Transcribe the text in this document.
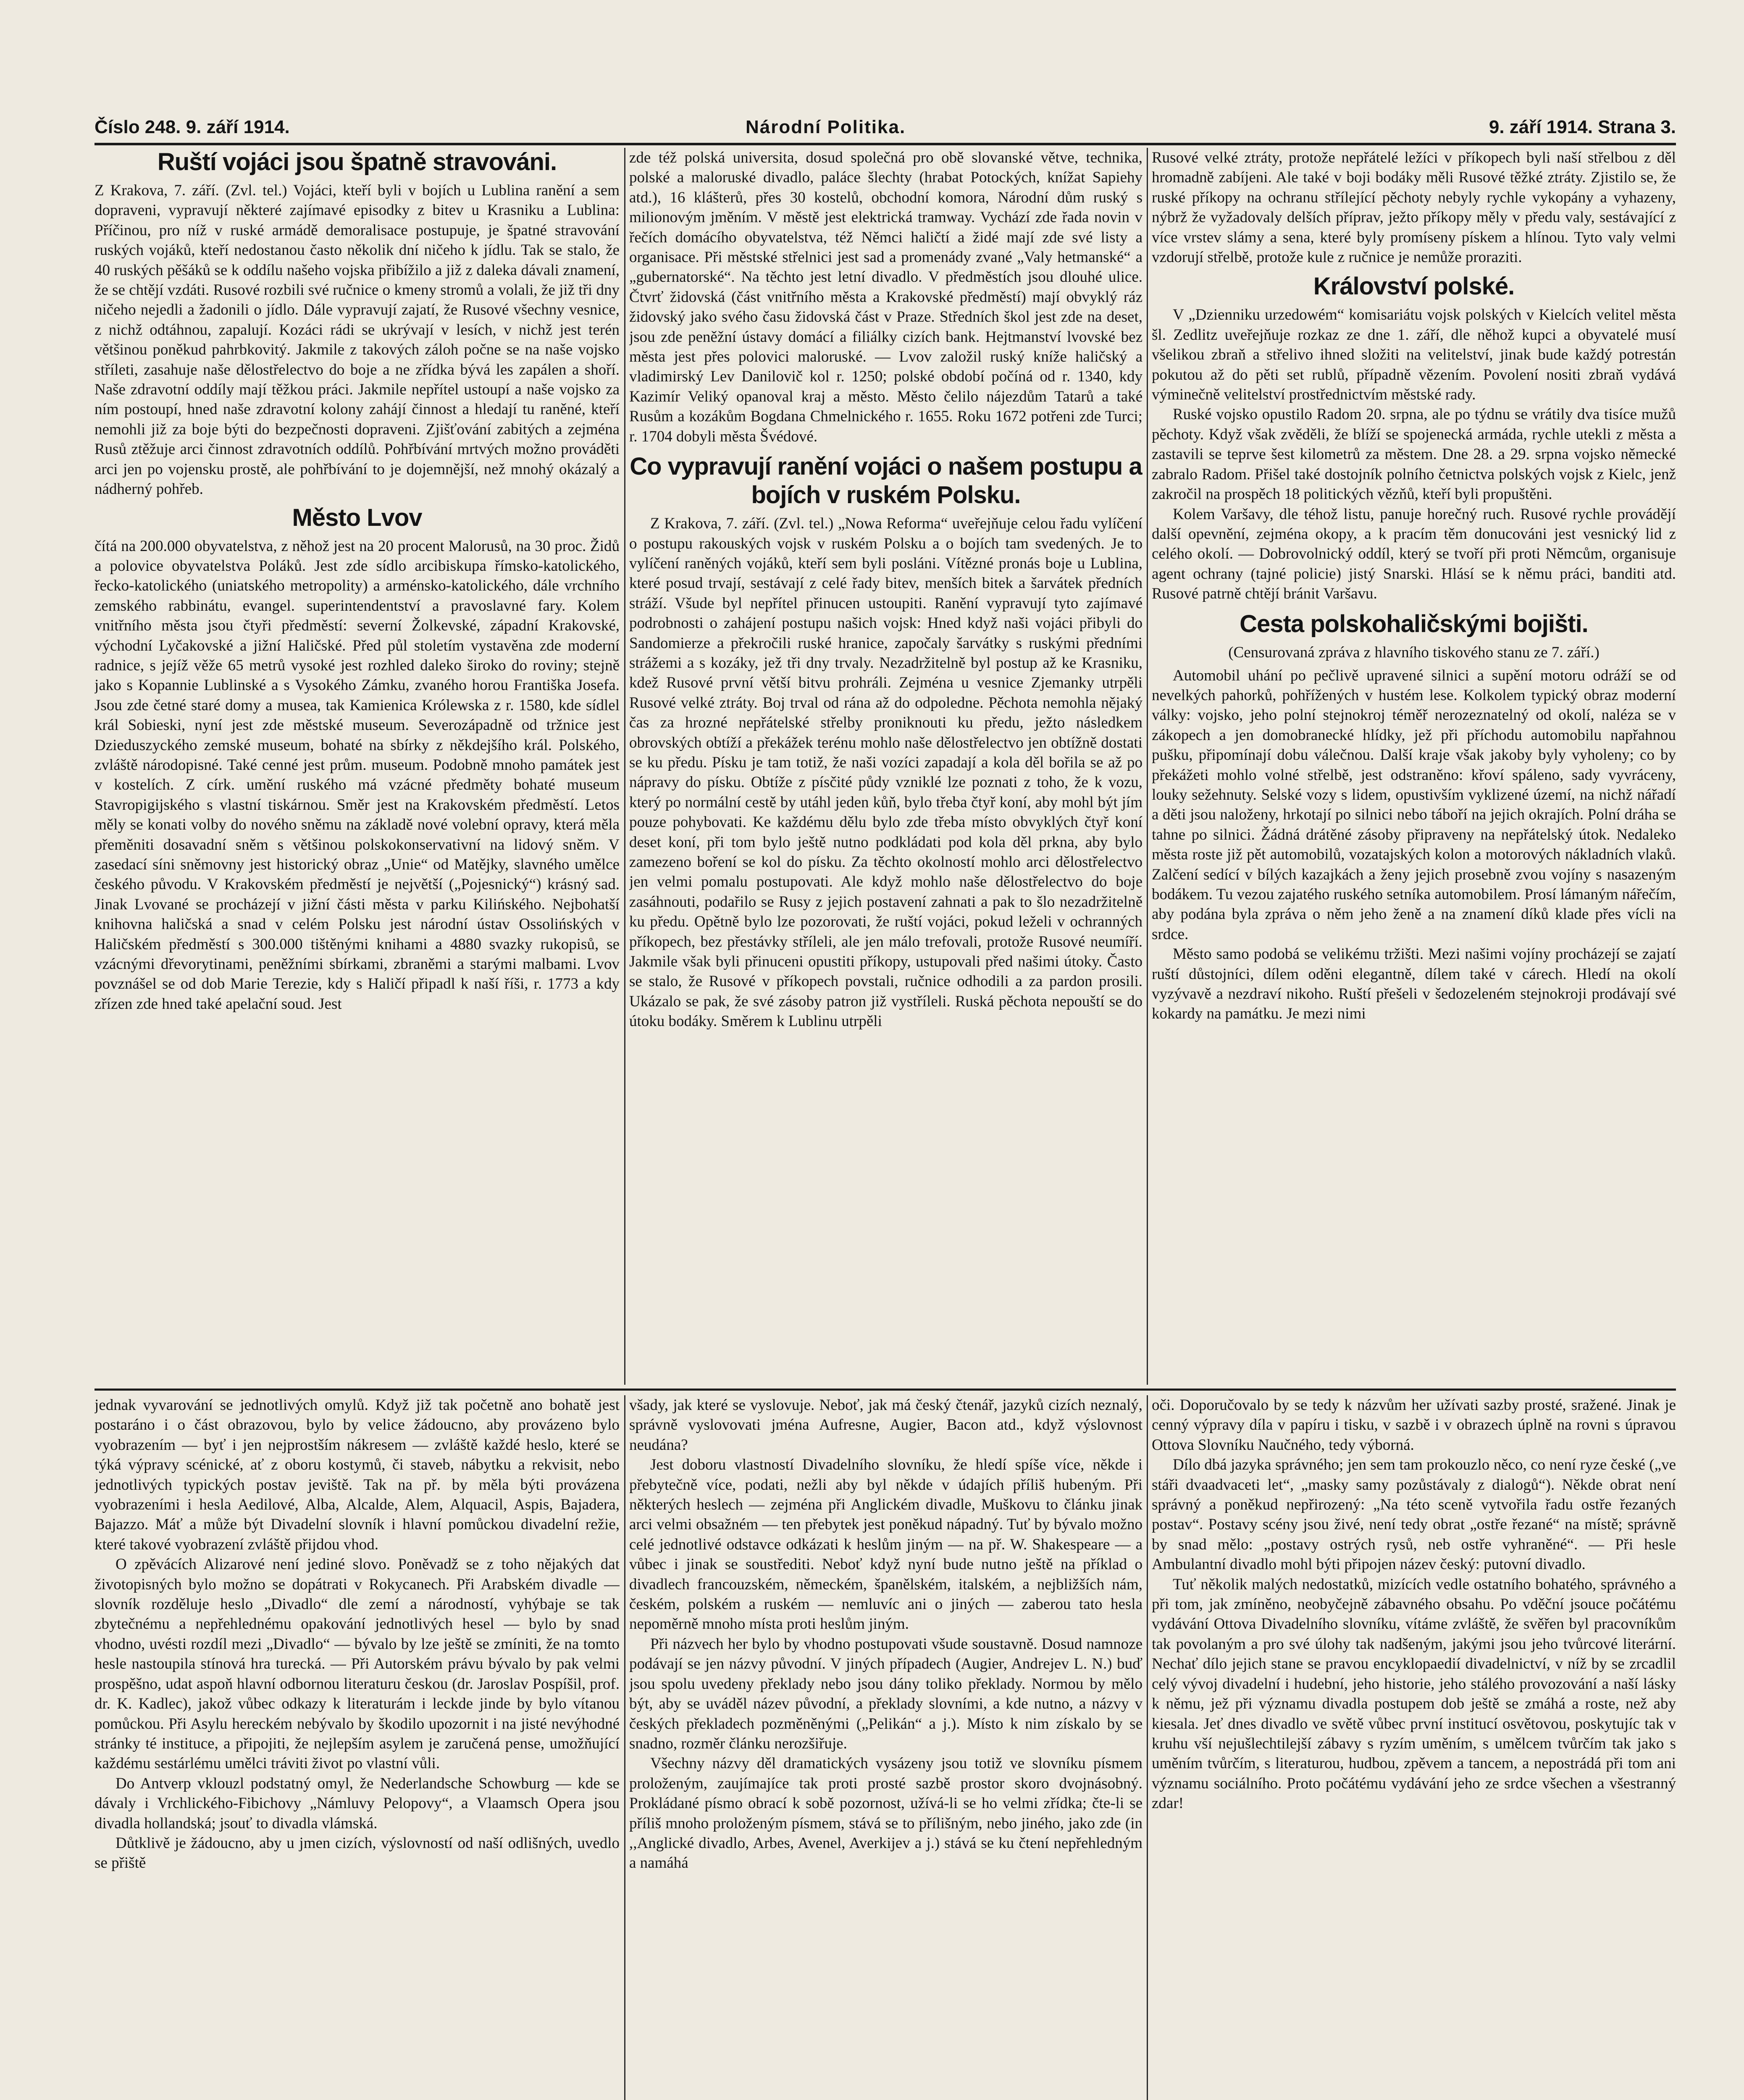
Číslo 248. 9. září 1914.	Národní Politika.	9. září 1914. Strana 3.
Ruští vojáci jsou špatně stravováni.

Z Krakova, 7. září. (Zvl. tel.) Vojáci, kteří byli v bojích u Lublina ranění a sem dopraveni, vypravují některé zajímavé episodky z bitev u Krasniku a Lublina: Příčinou, pro níž v ruské armádě demoralisace postupuje, je špatné stravování ruských vojáků, kteří nedostanou často několik dní ničeho k jídlu. Tak se stalo, že 40 ruských pěšáků se k oddílu našeho vojska přibížilo a již z daleka dávali znamení, že se chtějí vzdáti. Rusové rozbili své ručnice o kmeny stromů a volali, že již tři dny ničeho nejedli a žadonili o jídlo. Dále vypravují zajatí, že Rusové všechny vesnice, z nichž odtáhnou, zapalují. Kozáci rádi se ukrývají v lesích, v nichž jest terén většinou poněkud pahrbkovitý. Jakmile z takových záloh počne se na naše vojsko stříleti, zasahuje naše dělostřelectvo do boje a ne zřídka bývá les zapálen a shoří. Naše zdravotní oddíly mají těžkou práci. Jakmile nepřítel ustoupí a naše vojsko za ním postoupí, hned naše zdravotní kolony zahájí činnost a hledají tu raněné, kteří nemohli již za boje býti do bezpečnosti dopraveni. Zjišťování zabitých a zejména Rusů ztěžuje arci činnost zdravotních oddílů. Pohřbívání mrtvých možno prováděti arci jen po vojensku prostě, ale pohřbívání to je dojemnější, než mnohý okázalý a nádherný pohřeb.

Město Lvov

čítá na 200.000 obyvatelstva, z něhož jest na 20 procent Malorusů, na 30 proc. Židů a polovice obyvatelstva Poláků. Jest zde sídlo arcibiskupa římsko-katolického, řecko-katolického (uniatského metropolity) a arménsko-katolického, dále vrchního zemského rabbinátu, evangel. superintendentství a pravoslavné fary. Kolem vnitřního města jsou čtyři předměstí: severní Žolkevské, západní Krakovské, východní Lyčakovské a jižní Haličské. Před půl stoletím vystavěna zde moderní radnice, s jejíž věže 65 metrů vysoké jest rozhled daleko široko do roviny; stejně jako s Kopannie Lublinské a s Vysokého Zámku, zvaného horou Františka Josefa. Jsou zde četné staré domy a musea, tak Kamienica Królewska z r. 1580, kde sídlel král Sobieski, nyní jest zde městské museum. Severozápadně od tržnice jest Dzieduszyckého zemské museum, bohaté na sbírky z někdejšího král. Polského, zvláště národopisné. Také cenné jest prům. museum. Podobně mnoho památek jest v kostelích. Z círk. umění ruského má vzácné předměty bohaté museum Stavropigijského s vlastní tiskárnou. Směr jest na Krakovském předměstí. Letos měly se konati volby do nového sněmu na základě nové volební opravy, která měla přeměniti dosavadní sněm s většinou polskokonservativní na lidový sněm. V zasedací síni sněmovny jest historický obraz „Unie“ od Matějky, slavného umělce českého původu. V Krakovském předměstí je největší („Pojesnický“) krásný sad. Jinak Lvované se procházejí v jižní části města v parku Kilińského. Nejbohatší knihovna haličská a snad v celém Polsku jest národní ústav Ossolińských v Haličském předměstí s 300.000 tištěnými knihami a 4880 svazky rukopisů, se vzácnými dřevorytinami, peněžními sbírkami, zbraněmi a starými malbami. Lvov povznášel se od dob Marie Terezie, kdy s Haličí připadl k naší říši, r. 1773 a kdy zřízen zde hned také apelační soud. Jest

zde též polská universita, dosud společná pro obě slovanské větve, technika, polské a maloruské divadlo, paláce šlechty (hrabat Potockých, knížat Sapiehy atd.), 16 klášterů, přes 30 kostelů, obchodní komora, Národní dům ruský s milionovým jměním. V městě jest elektrická tramway. Vychází zde řada novin v řečích domácího obyvatelstva, též Němci haličtí a židé mají zde své listy a organisace. Při městské střelnici jest sad a promenády zvané „Valy hetmanské“ a „gubernatorské“. Na těchto jest letní divadlo. V předměstích jsou dlouhé ulice. Čtvrť židovská (část vnitřního města a Krakovské předměstí) mají obvyklý ráz židovský jako svého času židovská část v Praze. Středních škol jest zde na deset, jsou zde peněžní ústavy domácí a filiálky cizích bank. Hejtmanství lvovské bez města jest přes polovici maloruské. — Lvov založil ruský kníže haličský a vladimirský Lev Danilovič kol r. 1250; polské období počíná od r. 1340, kdy Kazimír Veliký opanoval kraj a město. Město čelilo nájezdům Tatarů a také Rusům a kozákům Bogdana Chmelnického r. 1655. Roku 1672 potřeni zde Turci; r. 1704 dobyli města Švédové.

Co vypravují ranění vojáci o našem postupu a bojích v ruském Polsku.

Z Krakova, 7. září. (Zvl. tel.) „Nowa Reforma“ uveřejňuje celou řadu vylíčení o postupu rakouských vojsk v ruském Polsku a o bojích tam svedených. Je to vylíčení raněných vojáků, kteří sem byli posláni. Vítězné pronás boje u Lublina, které posud trvají, sestávají z celé řady bitev, menších bitek a šarvátek předních stráží. Všude byl nepřítel přinucen ustoupiti. Ranění vypravují tyto zajímavé podrobnosti o zahájení postupu našich vojsk: Hned když naši vojáci přibyli do Sandomierze a překročili ruské hranice, započaly šarvátky s ruskými předními strážemi a s kozáky, jež tři dny trvaly. Nezadržitelně byl postup až ke Krasniku, kdež Rusové první větší bitvu prohráli. Zejména u vesnice Zjemanky utrpěli Rusové velké ztráty. Boj trval od rána až do odpoledne. Pěchota nemohla nějaký čas za hrozné nepřátelské střelby proniknouti ku předu, ježto následkem obrovských obtíží a překážek terénu mohlo naše dělostřelectvo jen obtížně dostati se ku předu. Písku je tam totiž, že naši vozíci zapadají a kola děl bořila se až po nápravy do písku. Obtíže z písčité půdy vzniklé lze poznati z toho, že k vozu, který po normální cestě by utáhl jeden kůň, bylo třeba čtyř koní, aby mohl být jím pouze pohybovati. Ke každému dělu bylo zde třeba místo obvyklých čtyř koní deset koní, při tom bylo ještě nutno podkládati pod kola děl prkna, aby bylo zamezeno boření se kol do písku. Za těchto okolností mohlo arci dělostřelectvo jen velmi pomalu postupovati. Ale když mohlo naše dělostřelectvo do boje zasáhnouti, podařilo se Rusy z jejich postavení zahnati a pak to šlo nezadržitelně ku předu. Opětně bylo lze pozorovati, že ruští vojáci, pokud leželi v ochranných příkopech, bez přestávky stříleli, ale jen málo trefovali, protože Rusové neumíří. Jakmile však byli přinuceni opustiti příkopy, ustupovali před našimi útoky. Často se stalo, že Rusové v příkopech povstali, ručnice odhodili a za pardon prosili. Ukázalo se pak, že své zásoby patron již vystříleli. Ruská pěchota nepouští se do útoku bodáky. Směrem k Lublinu utrpěli

Rusové velké ztráty, protože nepřátelé ležíci v příkopech byli naší střelbou z děl hromadně zabíjeni. Ale také v boji bodáky měli Rusové těžké ztráty. Zjistilo se, že ruské příkopy na ochranu střílející pěchoty nebyly rychle vykopány a vyhazeny, nýbrž že vyžadovaly delších příprav, ježto příkopy měly v předu valy, sestávající z více vrstev slámy a sena, které byly promíseny pískem a hlínou. Tyto valy velmi vzdorují střelbě, protože kule z ručnice je nemůže proraziti.

Království polské.

V „Dzienniku urzedowém“ komisariátu vojsk polských v Kielcích velitel města šl. Zedlitz uveřejňuje rozkaz ze dne 1. září, dle něhož kupci a obyvatelé musí všelikou zbraň a střelivo ihned složiti na velitelství, jinak bude každý potrestán pokutou až do pěti set rublů, případně vězením. Povolení nositi zbraň vydává výminečně velitelství prostřednictvím městské rady.

Ruské vojsko opustilo Radom 20. srpna, ale po týdnu se vrátily dva tisíce mužů pěchoty. Když však zvěděli, že blíží se spojenecká armáda, rychle utekli z města a zastavili se teprve šest kilometrů za městem. Dne 28. a 29. srpna vojsko německé zabralo Radom. Přišel také dostojník polního četnictva polských vojsk z Kielc, jenž zakročil na prospěch 18 politických vězňů, kteří byli propuštěni.

Kolem Varšavy, dle téhož listu, panuje horečný ruch. Rusové rychle provádějí další opevnění, zejména okopy, a k pracím těm donucováni jest vesnický lid z celého okolí. — Dobrovolnický oddíl, který se tvoří při proti Němcům, organisuje agent ochrany (tajné policie) jistý Snarski. Hlásí se k němu práci, banditi atd. Rusové patrně chtějí bránit Varšavu.

Cesta polskohaličskými bojišti.
(Censurovaná zpráva z hlavního tiskového stanu ze 7. září.)

Automobil uhání po pečlivě upravené silnici a supění motoru odráží se od nevelkých pahorků, pohřížených v hustém lese. Kolkolem typický obraz moderní války: vojsko, jeho polní stejnokroj téměř nerozeznatelný od okolí, naléza se v zákopech a jen domobranecké hlídky, jež při příchodu automobilu napřahnou pušku, připomínají dobu válečnou. Další kraje však jakoby byly vyholeny; co by překážeti mohlo volné střelbě, jest odstraněno: křoví spáleno, sady vyvráceny, louky sežehnuty. Selské vozy s lidem, opustivším vyklizené území, na nichž nářadí a děti jsou naloženy, hrkotají po silnici nebo táboří na jejich okrajích. Polní dráha se tahne po silnici. Žádná drátěné zásoby připraveny na nepřátelský útok. Nedaleko města roste již pět automobilů, vozatajských kolon a motorových nákladních vlaků. Zalčení sedící v bílých kazajkách a ženy jejich prosebně zvou vojíny s nasazeným bodákem. Tu vezou zajatého ruského setníka automobilem. Prosí lámaným nářečím, aby podána byla zpráva o něm jeho ženě a na znamení díků klade přes vícli na srdce.

Město samo podobá se velikému tržišti. Mezi našimi vojíny procházejí se zajatí ruští důstojníci, dílem oděni elegantně, dílem také v cárech. Hledí na okolí vyzývavě a nezdraví nikoho. Ruští přešeli v šedozeleném stejnokroji prodávají své kokardy na památku. Je mezi nimi

jednak vyvarování se jednotlivých omylů. Když již tak početně ano bohatě jest postaráno i o část obrazovou, bylo by velice žádoucno, aby provázeno bylo vyobrazením — byť i jen nejprostším nákresem — zvláště každé heslo, které se týká výpravy scénické, ať z oboru kostymů, či staveb, nábytku a rekvisit, nebo jednotlivých typických postav jeviště. Tak na př. by měla býti provázena vyobrazeními i hesla Aedilové, Alba, Alcalde, Alem, Alquacil, Aspis, Bajadera, Bajazzo. Máť a může být Divadelní slovník i hlavní pomůckou divadelní režie, které takové vyobrazení zvláště přijdou vhod.

O zpěvácích Alizarové není jediné slovo. Poněvadž se z toho nějakých dat životopisných bylo možno se dopátrati v Rokycanech. Při Arabském divadle — slovník rozděluje heslo „Divadlo“ dle zemí a národností, vyhýbaje se tak zbytečnému a nepřehlednému opakování jednotlivých hesel — bylo by snad vhodno, uvésti rozdíl mezi „Divadlo“ — bývalo by lze ještě se zmíniti, že na tomto hesle nastoupila stínová hra turecká. — Při Autorském právu bývalo by pak velmi prospěšno, udat aspoň hlavní odbornou literaturu českou (dr. Jaroslav Pospíšil, prof. dr. K. Kadlec), jakož vůbec odkazy k literaturám i leckde jinde by bylo vítanou pomůckou. Při Asylu hereckém nebývalo by škodilo upozornit i na jisté nevýhodné stránky té instituce, a připojiti, že nejlepším asylem je zaručená pense, umožňující každému sestárlému umělci tráviti život po vlastní vůli.

Do Antverp vklouzl podstatný omyl, že Nederlandsche Schowburg — kde se dávaly i Vrchlického-Fibichovy „Námluvy Pelopovy“, a Vlaamsch Opera jsou divadla hollandská; jsouť to divadla vlámská.

Důtklivě je žádoucno, aby u jmen cizích, výslovností od naší odlišných, uvedlo se přiště

všady, jak které se vyslovuje. Neboť, jak má český čtenář, jazyků cizích neznalý, správně vyslovovati jména Aufresne, Augier, Bacon atd., když výslovnost neudána?

Jest doboru vlastností Divadelního slovníku, že hledí spíše více, někde i přebytečně více, podati, nežli aby byl někde v údajích příliš hubeným. Při některých heslech — zejména při Anglickém divadle, Muškovu to článku jinak arci velmi obsažném — ten přebytek jest poněkud nápadný. Tuť by bývalo možno celé jednotlivé odstavce odkázati k heslům jiným — na př. W. Shakespeare — a vůbec i jinak se soustřediti. Neboť když nyní bude nutno ještě na příklad o divadlech francouzském, německém, španělském, italském, a nejbližších nám, českém, polském a ruském — nemluvíc ani o jiných — zaberou tato hesla nepoměrně mnoho místa proti heslům jiným.

Při názvech her bylo by vhodno postupovati všude soustavně. Dosud namnoze podávají se jen názvy původní. V jiných případech (Augier, Andrejev L. N.) buď jsou spolu uvedeny překlady nebo jsou dány toliko překlady. Normou by mělo být, aby se uváděl název původní, a překlady slovními, a kde nutno, a názvy v českých překladech pozměněnými („Pelikán“ a j.). Místo k nim získalo by se snadno, rozměr článku nerozšiřuje.

Všechny názvy děl dramatických vysázeny jsou totiž ve slovníku písmem proloženým, zaujímajíce tak proti prosté sazbě prostor skoro dvojnásobný. Prokládané písmo obrací k sobě pozornost, užívá-li se ho velmi zřídka; čte-li se příliš mnoho proloženým písmem, stává se to přílišným, nebo jiného, jako zde (in ,,Anglické divadlo, Arbes, Avenel, Averkijev a j.) stává se ku čtení nepřehledným a namáhá

oči. Doporučovalo by se tedy k názvům her užívati sazby prosté, sražené. Jinak je cenný výpravy díla v papíru i tisku, v sazbě i v obrazech úplně na rovni s úpravou Ottova Slovníku Naučného, tedy výborná.

Dílo dbá jazyka správného; jen sem tam prokouzlo něco, co není ryze české („ve stáři dvaadvaceti let“, „masky samy pozůstávaly z dialogů“). Někde obrat není správný a poněkud nepřirozený: „Na této sceně vytvořila řadu ostře řezaných postav“. Postavy scény jsou živé, není tedy obrat „ostře řezané“ na místě; správně by snad mělo: „postavy ostrých rysů, neb ostře vyhraněné“. — Při hesle Ambulantní divadlo mohl býti připojen název český: putovní divadlo.

Tuť několik malých nedostatků, mizících vedle ostatního bohatého, správného a při tom, jak zmíněno, neobyčejně zábavného obsahu. Po vděční jsouce počátému vydávání Ottova Divadelního slovníku, vítáme zvláště, že svěřen byl pracovníkům tak povolaným a pro své úlohy tak nadšeným, jakými jsou jeho tvůrcové literární. Nechať dílo jejich stane se pravou encyklopaedií divadelnictví, v níž by se zrcadlil celý vývoj divadelní i hudební, jeho historie, jeho stálého provozování a naší lásky k němu, jež při významu divadla postupem dob ještě se zmáhá a roste, než aby kiesala. Jeť dnes divadlo ve světě vůbec první institucí osvětovou, poskytujíc tak v kruhu vší nejušlechtilejší zábavy s ryzím uměním, s umělcem tvůrčím tak jako s uměním tvůrčím, s literaturou, hudbou, zpěvem a tancem, a nepostrádá při tom ani významu sociálního. Proto počátému vydávání jeho ze srdce všechen a všestranný zdar!
